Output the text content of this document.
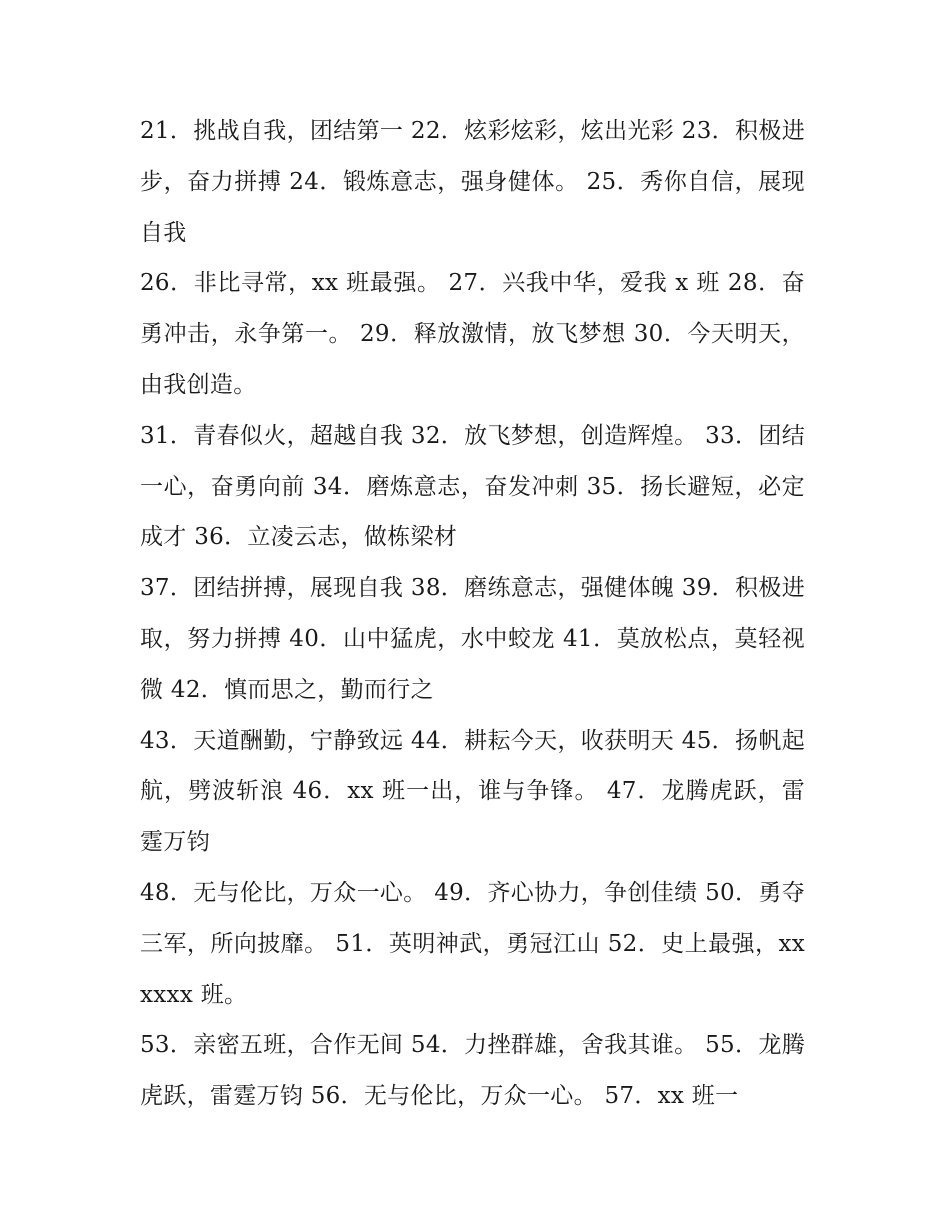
21．挑战自我，团结第一 22．炫彩炫彩，炫出光彩 23．积极进步，奋力拼搏 24．锻炼意志，强身健体。 25．秀你自信，展现自我

26．非比寻常，xx 班最强。 27．兴我中华，爱我 x 班 28．奋勇冲击，永争第一。 29．释放激情，放飞梦想 30．今天明天，由我创造。

31．青春似火，超越自我 32．放飞梦想，创造辉煌。 33．团结一心，奋勇向前 34．磨炼意志，奋发冲刺 35．扬长避短，必定成才 36．立凌云志，做栋梁材

37．团结拼搏，展现自我 38．磨练意志，强健体魄 39．积极进取，努力拼搏 40．山中猛虎，水中蛟龙 41．莫放松点，莫轻视微 42．慎而思之，勤而行之

43．天道酬勤，宁静致远 44．耕耘今天，收获明天 45．扬帆起航，劈波斩浪 46．xx 班一出，谁与争锋。 47．龙腾虎跃，雷霆万钧

48．无与伦比，万众一心。 49．齐心协力，争创佳绩 50．勇夺三军，所向披靡。 51．英明神武，勇冠江山 52．史上最强，xxxxxx 班。

53．亲密五班，合作无间 54．力挫群雄，舍我其谁。 55．龙腾虎跃，雷霆万钧 56．无与伦比，万众一心。 57．xx 班一
